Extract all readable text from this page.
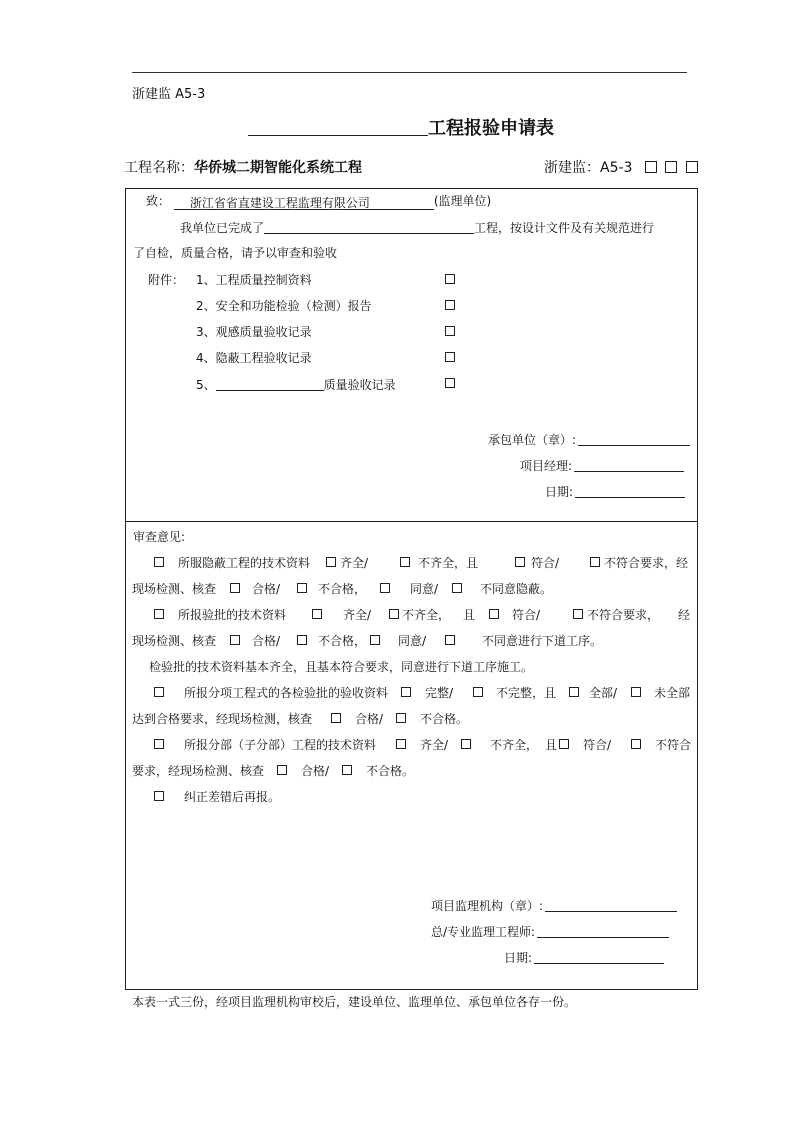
浙建监 A5-3
工程报验申请表
工程名称：华侨城二期智能化系统工程	浙建监：A5-3
致： 浙江省省直建设工程监理有限公司	(监理单位)
我单位已完成了	工程，按设计文件及有关规范进行
了自检，质量合格，请予以审查和验收
附件： 1、工程质量控制资料
2、安全和功能检验（检测）报告
3、观感质量验收记录
4、隐蔽工程验收记录
5、	质量验收记录
承包单位（章）:
项目经理:
日期:
审查意见:
所服隐蔽工程的技术资料 齐全/	不齐全，且	符合/	不符合要求，经
现场检测、核查	合格/	不合格，	同意/	不同意隐蔽。
所报验批的技术资料	齐全/	不齐全， 且	符合/	不符合要求， 经
现场检测、核查	合格/	不合格，	同意/	不同意进行下道工序。
检验批的技术资料基本齐全，且基本符合要求，同意进行下道工序施工。
所报分项工程式的各检验批的验收资料	完整/	不完整，且	全部/	未全部
达到合格要求，经现场检测，核查	合格/	不合格。
所报分部（子分部）工程的技术资料	齐全/	不齐全， 且 符合/	不符合
要求，经现场检测、核查	合格/	不合格。
纠正差错后再报。
项目监理机构（章）:
总/专业监理工程师:
日期:
本表一式三份，经项目监理机构审校后，建设单位、监理单位、承包单位各存一份。
